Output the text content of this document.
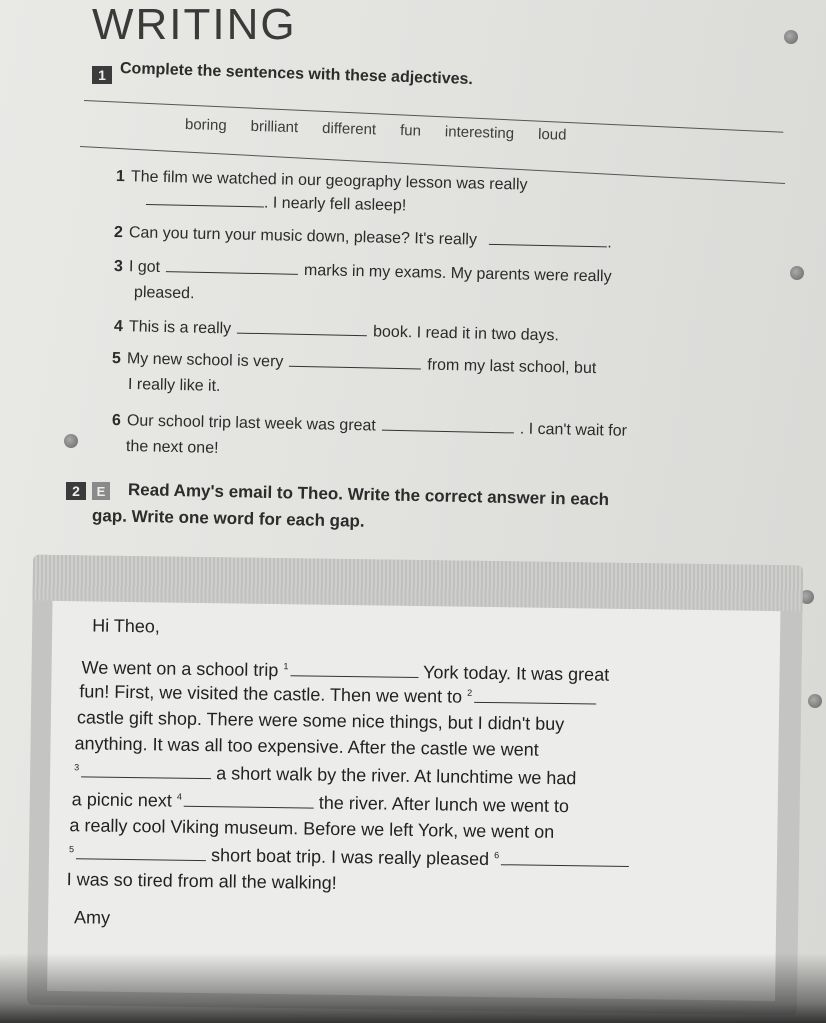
WRITING
1 Complete the sentences with these adjectives.

boring brilliant different fun interesting loud
1 The film we watched in our geography lesson was really
. I nearly fell asleep!
2 Can you turn your music down, please? It's really	.
3 I got	marks in my exams. My parents were really
pleased.
4 This is a really	book. I read it in two days.
5 My new school is very	from my last school, but
I really like it.
6 Our school trip last week was great	. I can't wait for
the next one!
2	E Read Amy's email to Theo. Write the correct answer in each

gap. Write one word for each gap.

Hi Theo,
We went on a school trip $^1$	York today. It was great
fun! First, we visited the castle. Then we went to $^2$
castle gift shop. There were some nice things, but I didn't buy
anything. It was all too expensive. After the castle we went
$^3$	a short walk by the river. At lunchtime we had
a picnic next $^4$	the river. After lunch we went to
a really cool Viking museum. Before we left York, we went on
$^5$	short boat trip. I was really pleased $^6$
I was so tired from all the walking!
Amy
